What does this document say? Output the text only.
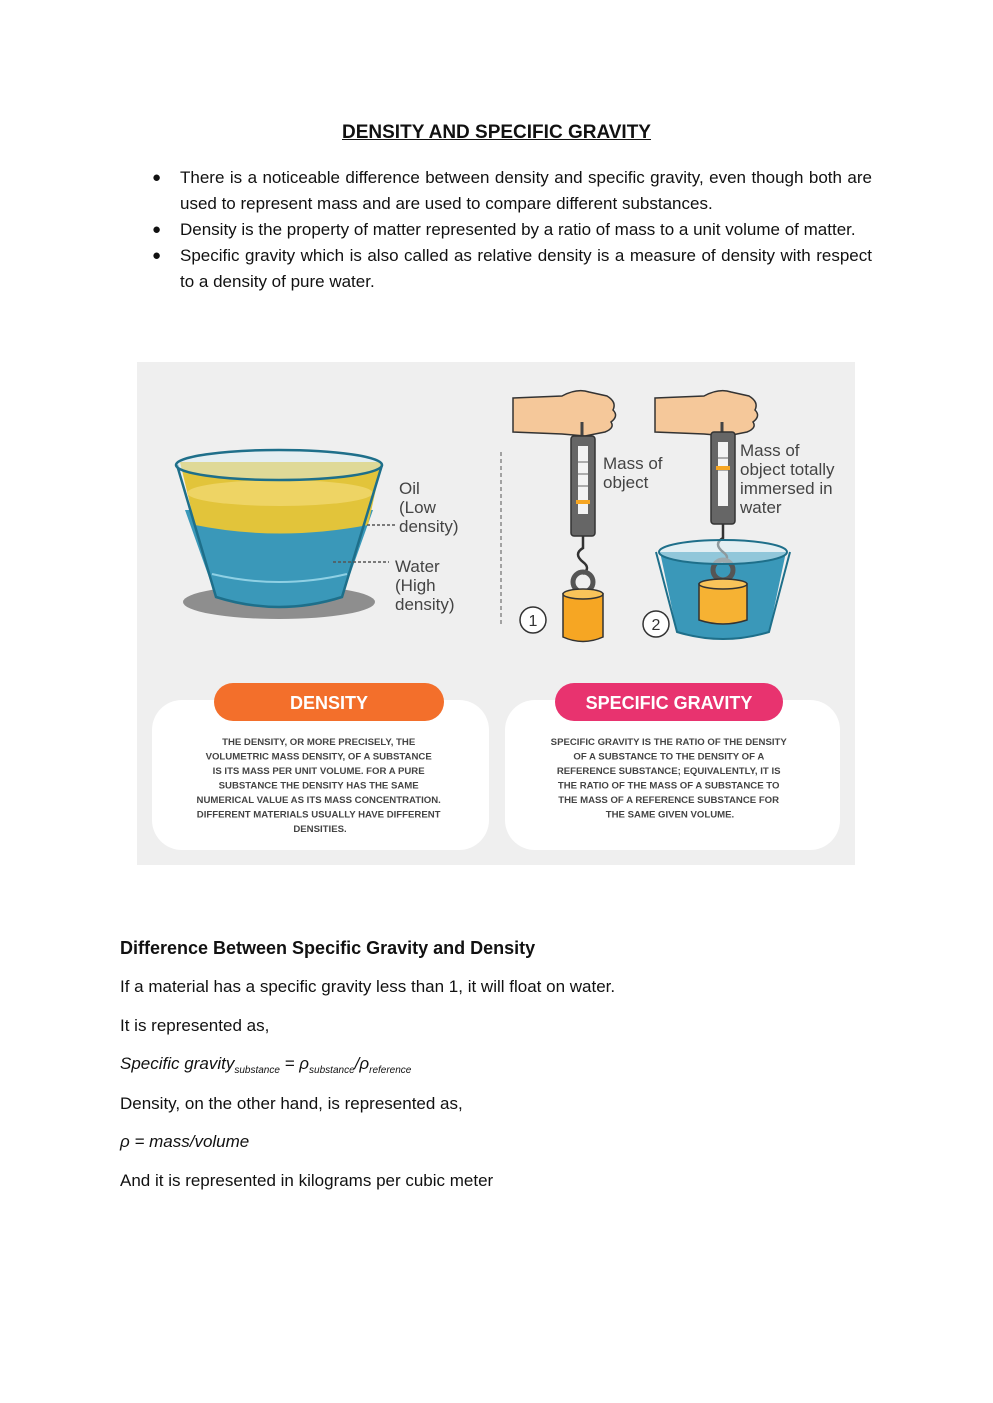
DENSITY AND SPECIFIC GRAVITY
● There is a noticeable difference between density and specific gravity, even though both are used to represent mass and are used to compare different substances.
● Density is the property of matter represented by a ratio of mass to a unit volume of matter.
● Specific gravity which is also called as relative density is a measure of density with respect to a density of pure water.
Oil (Low density)
Water (High density)
1
Mass of object
2
Mass of object totally immersed in water
DENSITY
THE DENSITY, OR MORE PRECISELY, THE VOLUMETRIC MASS DENSITY, OF A SUBSTANCE IS ITS MASS PER UNIT VOLUME. FOR A PURE SUBSTANCE THE DENSITY HAS THE SAME NUMERICAL VALUE AS ITS MASS CONCENTRATION. DIFFERENT MATERIALS USUALLY HAVE DIFFERENT DENSITIES.
SPECIFIC GRAVITY
SPECIFIC GRAVITY IS THE RATIO OF THE DENSITY OF A SUBSTANCE TO THE DENSITY OF A REFERENCE SUBSTANCE; EQUIVALENTLY, IT IS THE RATIO OF THE MASS OF A SUBSTANCE TO THE MASS OF A REFERENCE SUBSTANCE FOR THE SAME GIVEN VOLUME.
Difference Between Specific Gravity and Density

If a material has a specific gravity less than 1, it will float on water.

It is represented as,

Specific gravity$_{substance}$ = $\rho_{substance}/\rho_{reference}$

Density, on the other hand, is represented as,

ρ = mass/volume

And it is represented in kilograms per cubic meter
